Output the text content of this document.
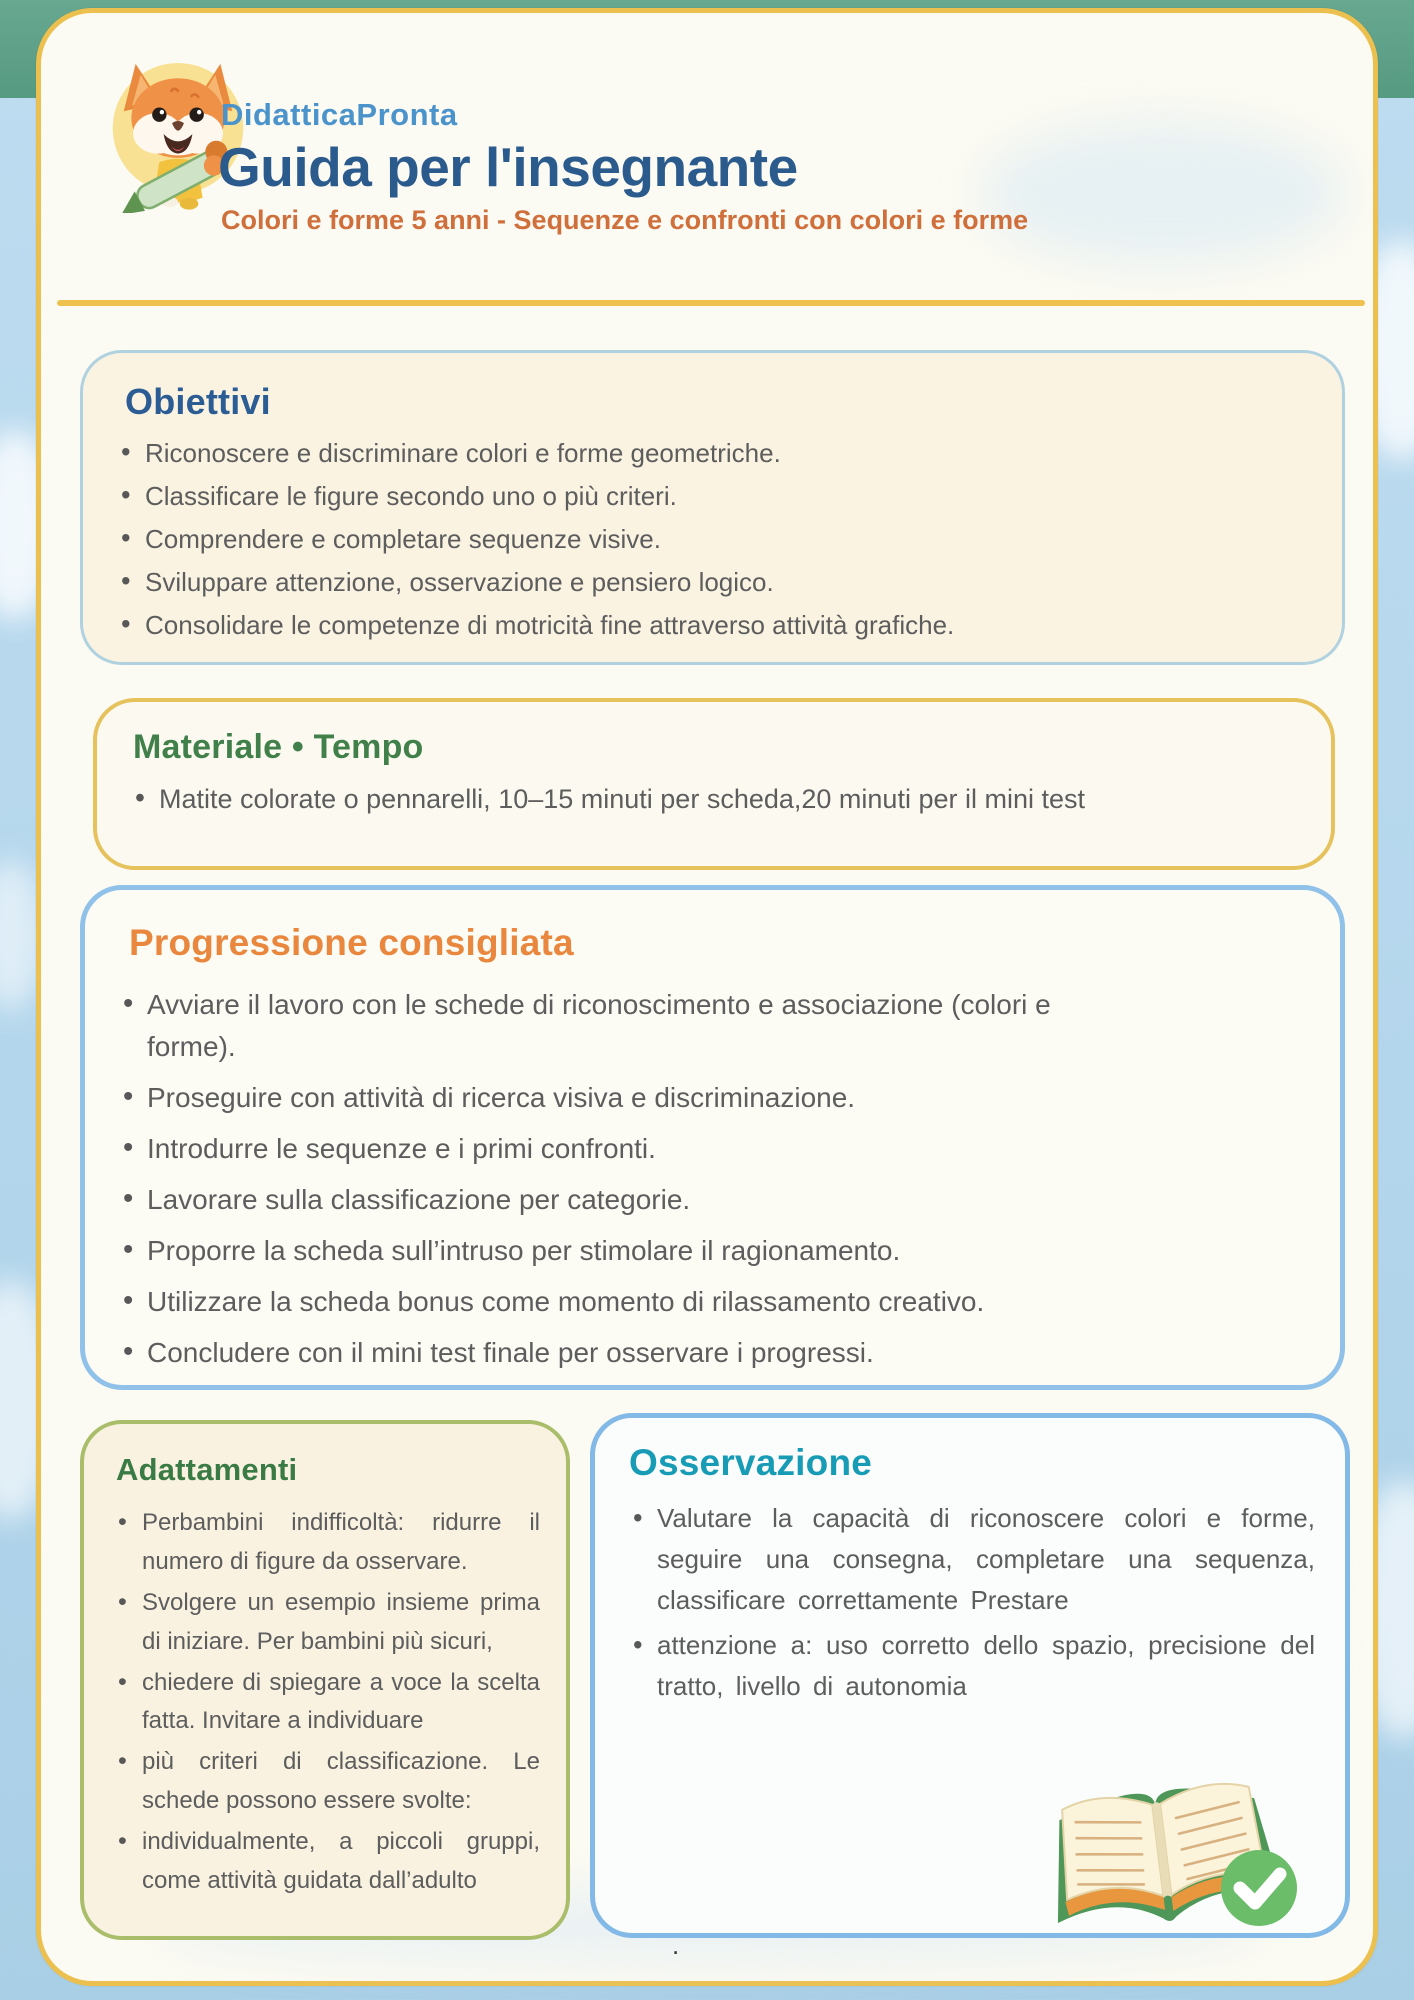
DidatticaPronta
Guida per l'insegnante
Colori e forme 5 anni - Sequenze e confronti con colori e forme
Obiettivi
• Riconoscere e discriminare colori e forme geometriche.
• Classificare le figure secondo uno o più criteri.
• Comprendere e completare sequenze visive.
• Sviluppare attenzione, osservazione e pensiero logico.
• Consolidare le competenze di motricità fine attraverso attività grafiche.
Materiale • Tempo
• Matite colorate o pennarelli, 10–15 minuti per scheda,20 minuti per il mini test
Progressione consigliata
• Avviare il lavoro con le schede di riconoscimento e associazione (colori e forme).
• Proseguire con attività di ricerca visiva e discriminazione.
• Introdurre le sequenze e i primi confronti.
• Lavorare sulla classificazione per categorie.
• Proporre la scheda sull’intruso per stimolare il ragionamento.
• Utilizzare la scheda bonus come momento di rilassamento creativo.
• Concludere con il mini test finale per osservare i progressi.
Adattamenti
• Perbambini indifficoltà: ridurre il numero di figure da osservare.
• Svolgere un esempio insieme prima di iniziare. Per bambini più sicuri,
• chiedere di spiegare a voce la scelta fatta. Invitare a individuare
• più criteri di classificazione. Le schede possono essere svolte:
• individualmente, a piccoli gruppi, come attività guidata dall’adulto
Osservazione
• Valutare la capacità di riconoscere colori e forme, seguire una consegna, completare una sequenza, classificare correttamente Prestare
• attenzione a: uso corretto dello spazio, precisione del tratto, livello di autonomia
.
